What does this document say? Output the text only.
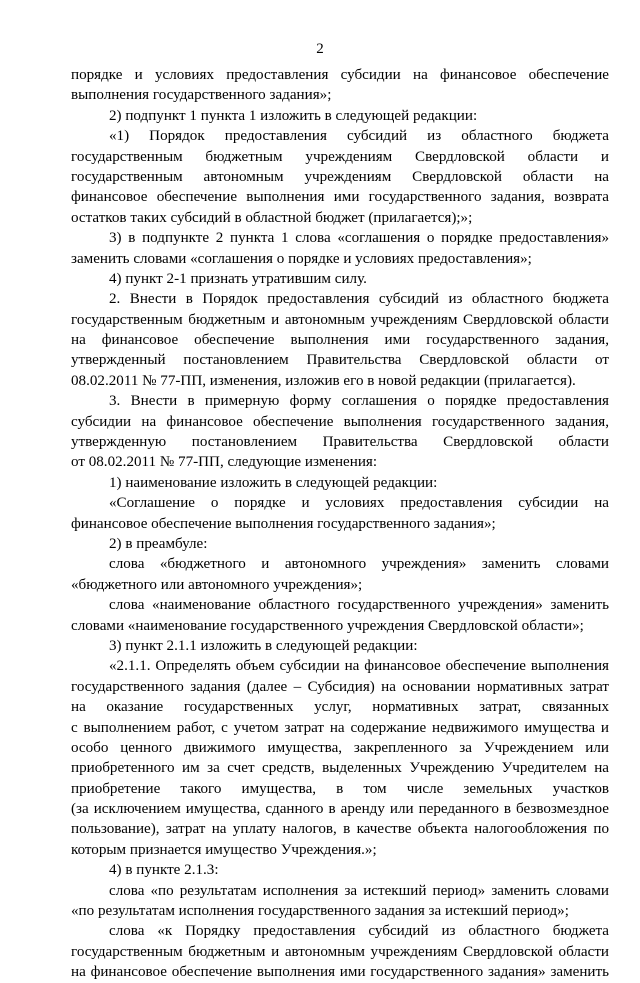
2
порядке и условиях предоставления субсидии на финансовое обеспечение
выполнения государственного задания»;
2) подпункт 1 пункта 1 изложить в следующей редакции:
«1) Порядок предоставления субсидий из областного бюджета
государственным бюджетным учреждениям Свердловской области и
государственным автономным учреждениям Свердловской области на
финансовое обеспечение выполнения ими государственного задания, возврата
остатков таких субсидий в областной бюджет (прилагается);»;
3) в подпункте 2 пункта 1 слова «соглашения о порядке предоставления»
заменить словами «соглашения о порядке и условиях предоставления»;
4) пункт 2-1 признать утратившим силу.
2. Внести в Порядок предоставления субсидий из областного бюджета
государственным бюджетным и автономным учреждениям Свердловской области
на финансовое обеспечение выполнения ими государственного задания,
утвержденный постановлением Правительства Свердловской области от
08.02.2011 № 77-ПП, изменения, изложив его в новой редакции (прилагается).
3. Внести в примерную форму соглашения о порядке предоставления
субсидии на финансовое обеспечение выполнения государственного задания,
утвержденную постановлением Правительства Свердловской области
от 08.02.2011 № 77-ПП, следующие изменения:
1) наименование изложить в следующей редакции:
«Соглашение о порядке и условиях предоставления субсидии на
финансовое обеспечение выполнения государственного задания»;
2) в преамбуле:
слова «бюджетного и автономного учреждения» заменить словами
«бюджетного или автономного учреждения»;
слова «наименование областного государственного учреждения» заменить
словами «наименование государственного учреждения Свердловской области»;
3) пункт 2.1.1 изложить в следующей редакции:
«2.1.1. Определять объем субсидии на финансовое обеспечение выполнения
государственного задания (далее – Субсидия) на основании нормативных затрат
на оказание государственных услуг, нормативных затрат, связанных
с выполнением работ, с учетом затрат на содержание недвижимого имущества и
особо ценного движимого имущества, закрепленного за Учреждением или
приобретенного им за счет средств, выделенных Учреждению Учредителем на
приобретение такого имущества, в том числе земельных участков
(за исключением имущества, сданного в аренду или переданного в безвозмездное
пользование), затрат на уплату налогов, в качестве объекта налогообложения по
которым признается имущество Учреждения.»;
4) в пункте 2.1.3:
слова «по результатам исполнения за истекший период» заменить словами
«по результатам исполнения государственного задания за истекший период»;
слова «к Порядку предоставления субсидий из областного бюджета
государственным бюджетным и автономным учреждениям Свердловской области
на финансовое обеспечение выполнения ими государственного задания» заменить
